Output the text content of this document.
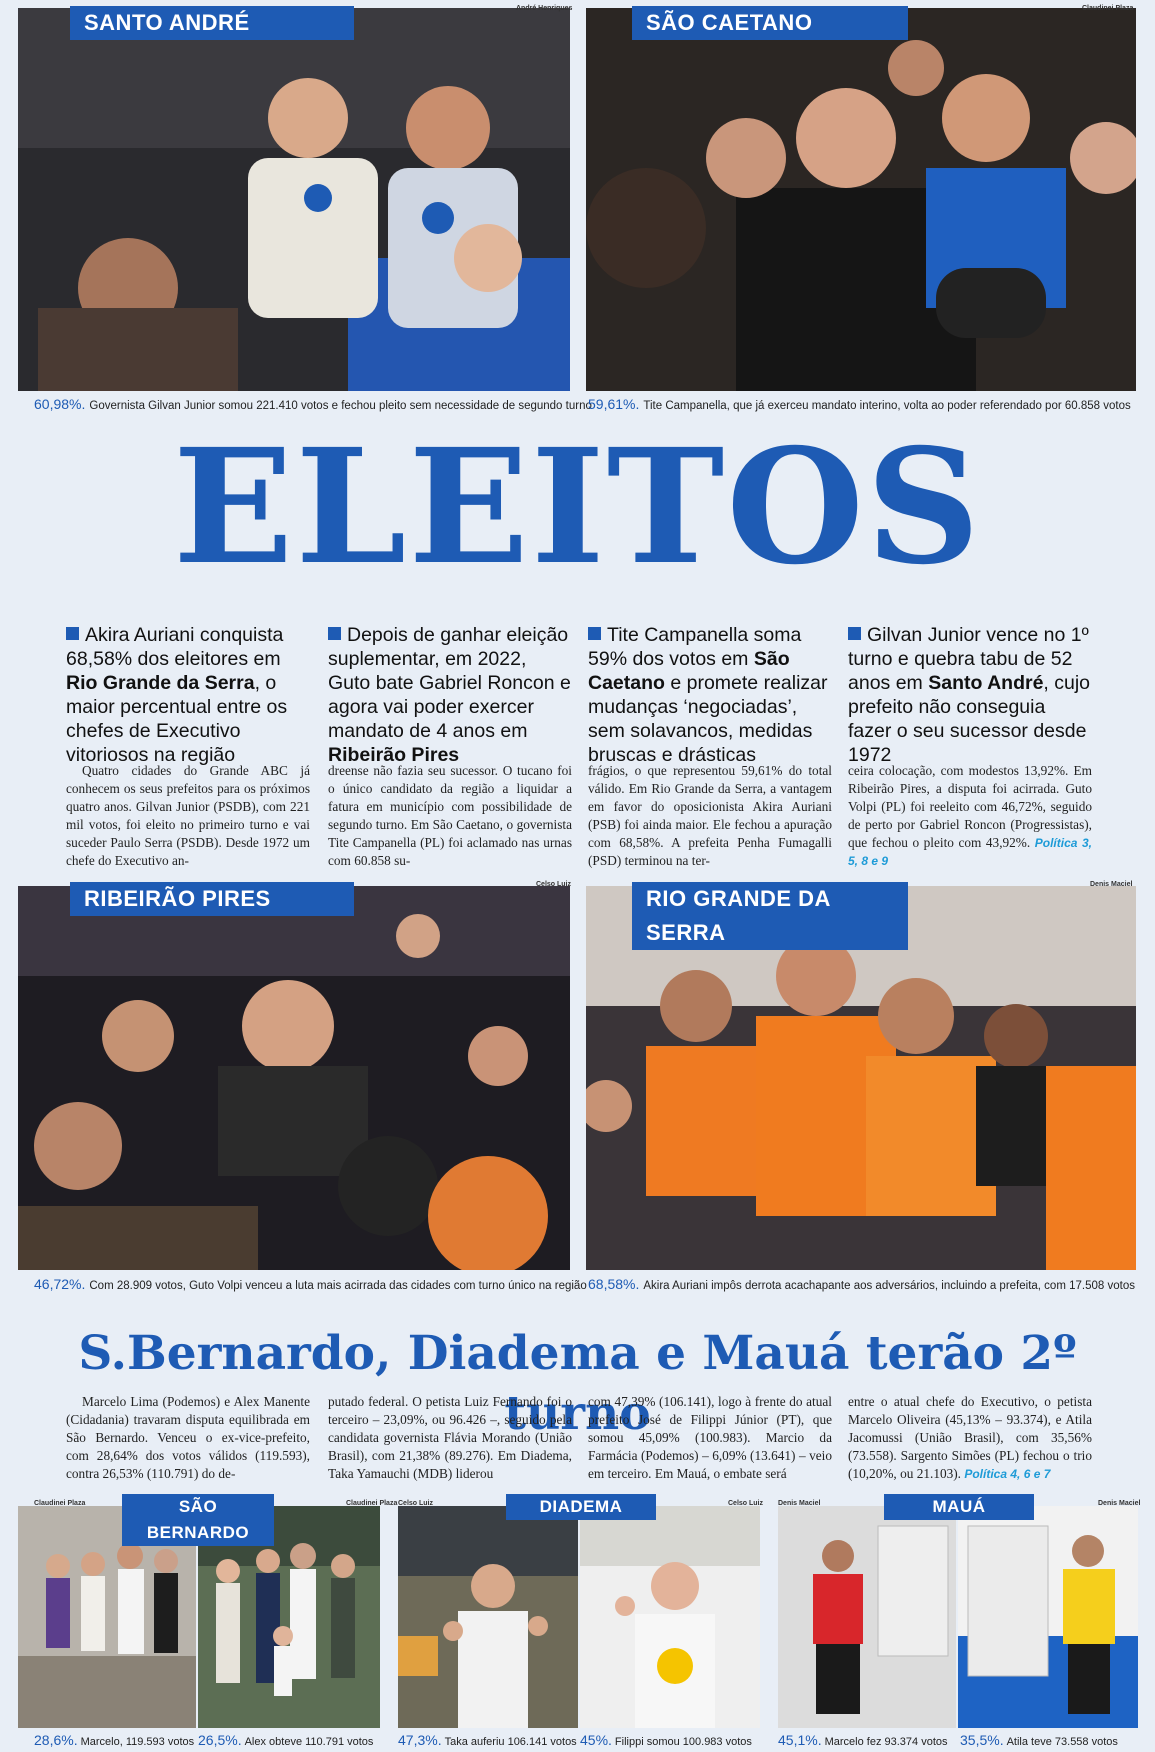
SANTO ANDRÉ
André Henriques
60,98%. Governista Gilvan Junior somou 221.410 votos e fechou pleito sem necessidade de segundo turno
SÃO CAETANO
Claudinei Plaza
59,61%. Tite Campanella, que já exerceu mandato interino, volta ao poder referendado por 60.858 votos
ELEITOS
Akira Auriani conquista 68,58% dos eleitores em Rio Grande da Serra, o maior percentual entre os chefes de Executivo vitoriosos na região
Depois de ganhar eleição suplementar, em 2022, Guto bate Gabriel Roncon e agora vai poder exercer mandato de 4 anos em Ribeirão Pires
Tite Campanella soma 59% dos votos em São Caetano e promete realizar mudanças ‘negociadas’, sem solavancos, medidas bruscas e drásticas
Gilvan Junior vence no 1º turno e quebra tabu de 52 anos em Santo André, cujo prefeito não conseguia fazer o seu sucessor desde 1972
Quatro cidades do Grande ABC já conhecem os seus prefeitos para os próximos quatro anos. Gilvan Junior (PSDB), com 221 mil votos, foi eleito no primeiro turno e vai suceder Paulo Serra (PSDB). Desde 1972 um chefe do Executivo an-
dreense não fazia seu sucessor. O tucano foi o único candidato da região a liquidar a fatura em município com possibilidade de segundo turno. Em São Caetano, o governista Tite Campanella (PL) foi aclamado nas urnas com 60.858 su-
frágios, o que representou 59,61% do total válido. Em Rio Grande da Serra, a vantagem em favor do oposicionista Akira Auriani (PSB) foi ainda maior. Ele fechou a apuração com 68,58%. A prefeita Penha Fumagalli (PSD) terminou na ter-
ceira colocação, com modestos 13,92%. Em Ribeirão Pires, a disputa foi acirrada. Guto Volpi (PL) foi reeleito com 46,72%, seguido de perto por Gabriel Roncon (Progressistas), que fechou o pleito com 43,92%. Política 3, 5, 8 e 9
RIBEIRÃO PIRES
Celso Luiz
46,72%. Com 28.909 votos, Guto Volpi venceu a luta mais acirrada das cidades com turno único na região
RIO GRANDE DA SERRA
Denis Maciel
68,58%. Akira Auriani impôs derrota acachapante aos adversários, incluindo a prefeita, com 17.508 votos
S.Bernardo, Diadema e Mauá terão 2º turno
Marcelo Lima (Podemos) e Alex Manente (Cidadania) travaram disputa equilibrada em São Bernardo. Venceu o ex-vice-prefeito, com 28,64% dos votos válidos (119.593), contra 26,53% (110.791) do de-
putado federal. O petista Luiz Fernando foi o terceiro – 23,09%, ou 96.426 –, seguido pela candidata governista Flávia Morando (União Brasil), com 21,38% (89.276). Em Diadema, Taka Yamauchi (MDB) liderou
com 47,39% (106.141), logo à frente do atual prefeito José de Filippi Júnior (PT), que somou 45,09% (100.983). Marcio da Farmácia (Podemos) – 6,09% (13.641) – veio em terceiro. Em Mauá, o embate será
entre o atual chefe do Executivo, o petista Marcelo Oliveira (45,13% – 93.374), e Atila Jacomussi (União Brasil), com 35,56% (73.558). Sargento Simões (PL) fechou o trio (10,20%, ou 21.103). Política 4, 6 e 7
SÃO BERNARDO
Claudinei Plaza	Claudinei Plaza
28,6%. Marcelo, 119.593 votos 26,5%. Alex obteve 110.791 votos
DIADEMA
Celso Luiz	Celso Luiz
47,3%. Taka auferiu 106.141 votos 45%. Filippi somou 100.983 votos
MAUÁ
Denis Maciel	Denis Maciel
45,1%. Marcelo fez 93.374 votos 35,5%. Atila teve 73.558 votos
